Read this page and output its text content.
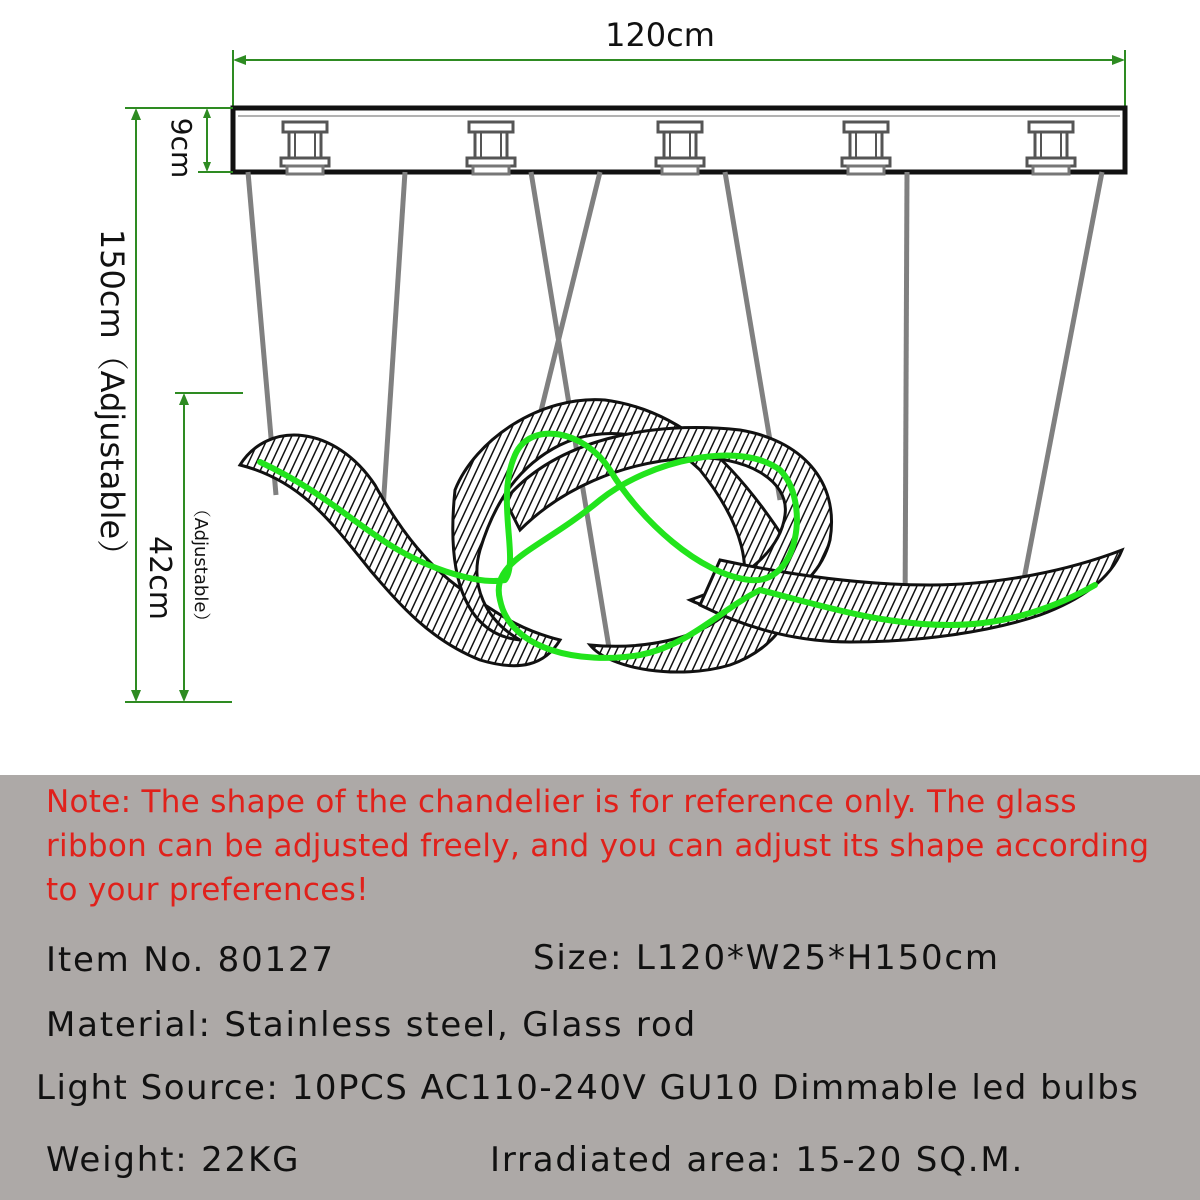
120cm
9cm
150cm（Adjustable）
42cm （Adjustable）
Note: The shape of the chandelier is for reference only. The glass ribbon can be adjusted freely, and you can adjust its shape according to your preferences!
Item No. 80127	Size: L120*W25*H150cm
Material: Stainless steel, Glass rod
Light Source: 10PCS AC110-240V GU10 Dimmable led bulbs
Weight: 22KG	Irradiated area: 15-20 SQ.M.
